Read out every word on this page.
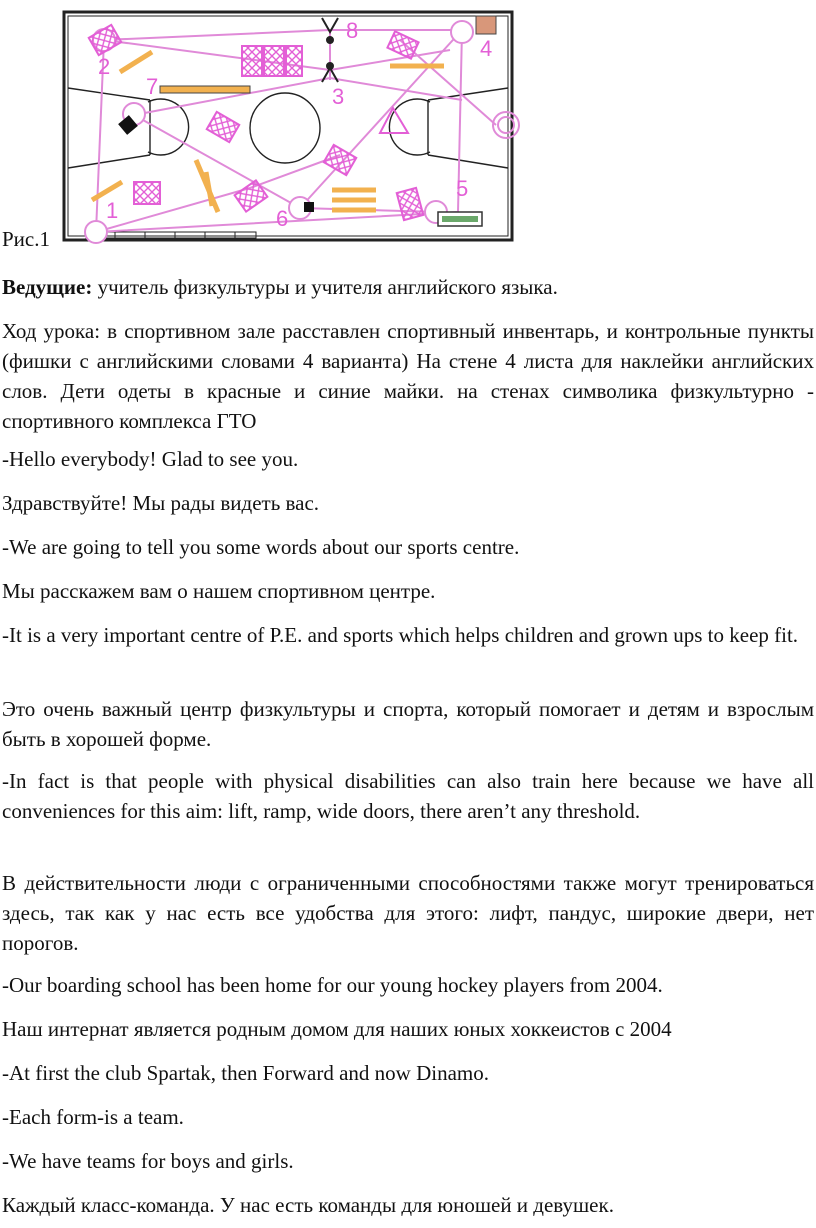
1
2
3
4
5
6
7
8
Рис.1

Ведущие: учитель физкультуры и учителя английского языка.

Ход урока: в спортивном зале расставлен спортивный инвентарь, и контрольные пункты (фишки с английскими словами 4 варианта) На стене 4 листа для наклейки английских слов. Дети одеты в красные и синие майки. на стенах символика физкультурно - спортивного комплекса ГТО

-Hello everybody! Glad to see you.

Здравствуйте! Мы рады видеть вас.

-We are going to tell you some words about our sports centre.

Мы расскажем вам о нашем спортивном центре.

-It is a very important centre of P.E. and sports which helps children and grown ups to keep fit.

Это очень важный центр физкультуры и спорта, который помогает и детям и взрослым быть в хорошей форме.

-In fact is that people with physical disabilities can also train here because we have all conveniences for this aim: lift, ramp, wide doors, there aren’t any threshold.

В действительности люди с ограниченными способностями также могут тренироваться здесь, так как у нас есть все удобства для этого: лифт, пандус, широкие двери, нет порогов.

-Our boarding school has been home for our young hockey players from 2004.

Наш интернат является родным домом для наших юных хоккеистов с 2004

-At first the club Spartak, then Forward and now Dinamo.

-Each form-is a team.

-We have teams for boys and girls.

Каждый класс-команда. У нас есть команды для юношей и девушек.
